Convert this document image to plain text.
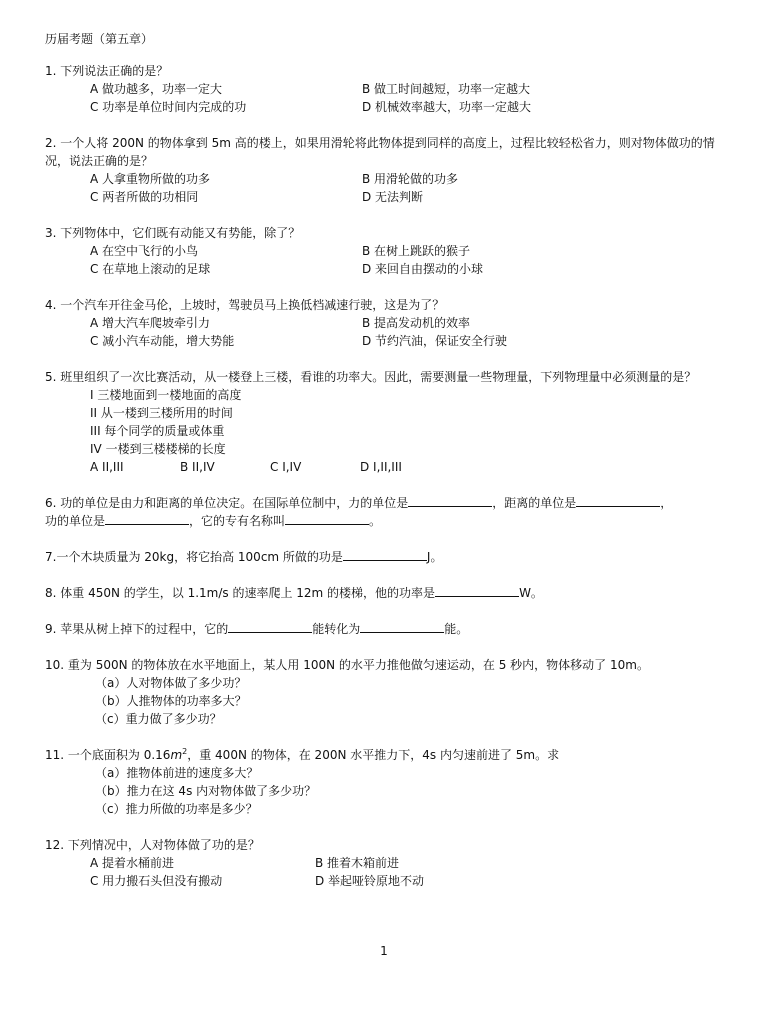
历届考题（第五章）
1. 下列说法正确的是？
A 做功越多，功率一定大	B 做工时间越短，功率一定越大
C 功率是单位时间内完成的功	D 机械效率越大，功率一定越大
2. 一个人将 200N 的物体拿到 5m 高的楼上，如果用滑轮将此物体提到同样的高度上，过程比较轻松省力，则对物体做功的情况，说法正确的是？
A 人拿重物所做的功多	B 用滑轮做的功多
C 两者所做的功相同	D 无法判断
3. 下列物体中，它们既有动能又有势能，除了？
A 在空中飞行的小鸟	B 在树上跳跃的猴子
C 在草地上滚动的足球	D 来回自由摆动的小球
4. 一个汽车开往金马伦，上坡时，驾驶员马上换低档减速行驶，这是为了？
A 增大汽车爬坡牵引力	B 提高发动机的效率
C 减小汽车动能，增大势能	D 节约汽油，保证安全行驶
5. 班里组织了一次比赛活动，从一楼登上三楼，看谁的功率大。因此，需要测量一些物理量，下列物理量中必须测量的是？
I 三楼地面到一楼地面的高度
II 从一楼到三楼所用的时间
III 每个同学的质量或体重
IV 一楼到三楼楼梯的长度
A II,III	B II,IV	C I,IV	D I,II,III
6. 功的单位是由力和距离的单位决定。在国际单位制中，力的单位是	，距离的单位是	，
功的单位是	，它的专有名称叫	。
7.一个木块质量为 20kg，将它抬高 100cm 所做的功是	J。
8. 体重 450N 的学生，以 1.1m/s 的速率爬上 12m 的楼梯，他的功率是	W。
9. 苹果从树上掉下的过程中，它的	能转化为	能。
10. 重为 500N 的物体放在水平地面上，某人用 100N 的水平力推他做匀速运动，在 5 秒内，物体移动了 10m。
（a）人对物体做了多少功？
（b）人推物体的功率多大？
（c）重力做了多少功？
11. 一个底面积为 $0.16m^2$，重 400N 的物体，在 200N 水平推力下，4s 内匀速前进了 5m。求
（a）推物体前进的速度多大？
（b）推力在这 4s 内对物体做了多少功？
（c）推力所做的功率是多少？
12. 下列情况中，人对物体做了功的是？
A 提着水桶前进	B 推着木箱前进
C 用力搬石头但没有搬动	D 举起哑铃原地不动
1
